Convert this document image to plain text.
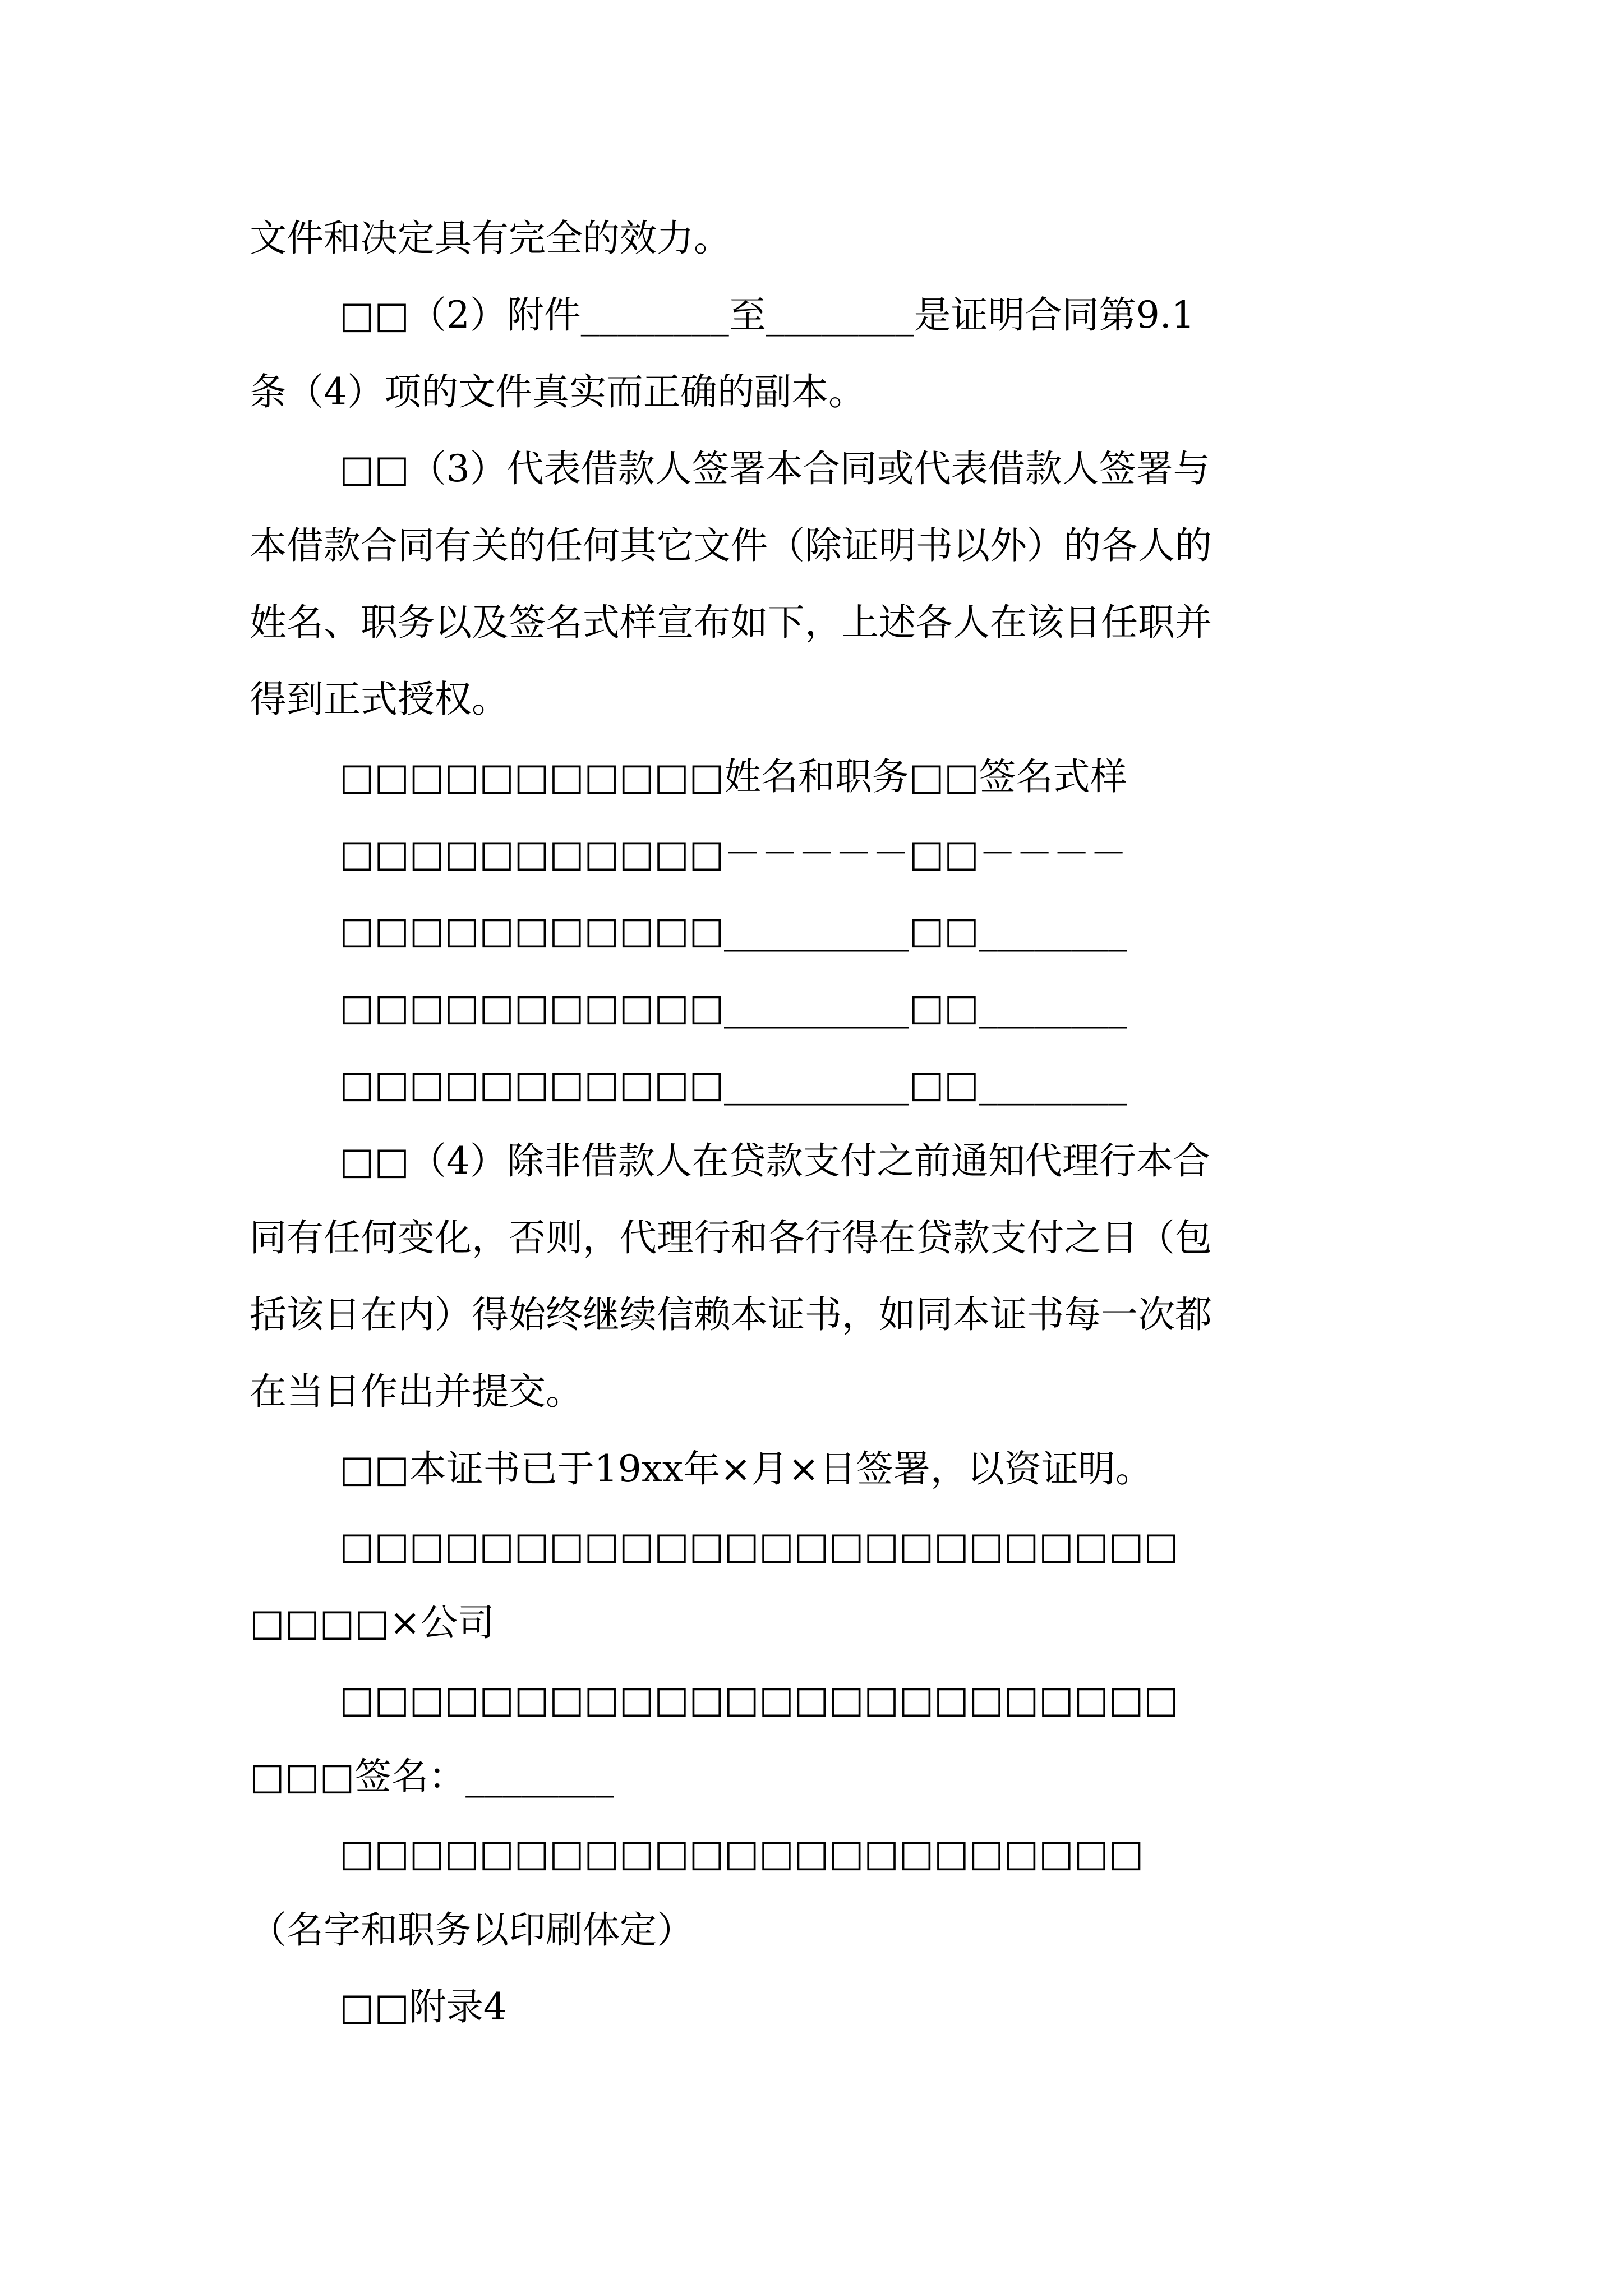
文件和决定具有完全的效力。

□□（2）附件________至________是证明合同第9.1

条（4）项的文件真实而正确的副本。

□□（3）代表借款人签署本合同或代表借款人签署与

本借款合同有关的任何其它文件（除证明书以外）的各人的

姓名、职务以及签名式样宣布如下，上述各人在该日任职并

得到正式授权。

□□□□□□□□□□□姓名和职务□□签名式样

□□□□□□□□□□□－－－－－□□－－－－

□□□□□□□□□□□__________□□________

□□□□□□□□□□□__________□□________

□□□□□□□□□□□__________□□________

□□（4）除非借款人在贷款支付之前通知代理行本合

同有任何变化，否则，代理行和各行得在贷款支付之日（包

括该日在内）得始终继续信赖本证书，如同本证书每一次都

在当日作出并提交。

□□本证书已于19xx年×月×日签署，以资证明。

□□□□□□□□□□□□□□□□□□□□□□□□

□□□□×公司

□□□□□□□□□□□□□□□□□□□□□□□□

□□□签名：________

□□□□□□□□□□□□□□□□□□□□□□□

（名字和职务以印刷体定）

□□附录4
